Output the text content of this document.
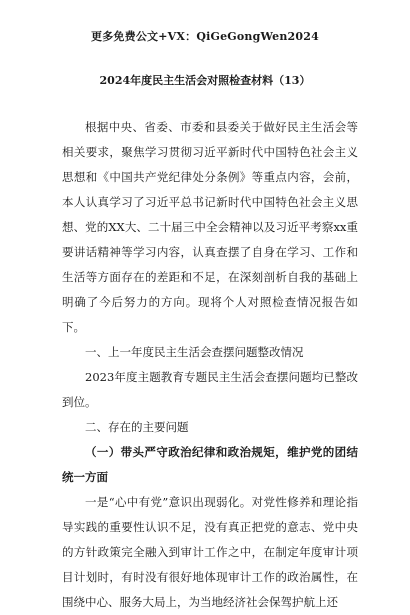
更多免费公文+VX：QiGeGongWen2024
2024年度民主生活会对照检查材料（13）

根据中央、省委、市委和县委关于做好民主生活会等相关要求，聚焦学习贯彻习近平新时代中国特色社会主义思想和《中国共产党纪律处分条例》等重点内容，会前，本人认真学习了习近平总书记新时代中国特色社会主义思想、党的XX大、二十届三中全会精神以及习近平考察xx重要讲话精神等学习内容，认真查摆了自身在学习、工作和生活等方面存在的差距和不足，在深刻剖析自我的基础上明确了今后努力的方向。现将个人对照检查情况报告如下。

一、上一年度民主生活会查摆问题整改情况

2023年度主题教育专题民主生活会查摆问题均已整改到位。

二、存在的主要问题

（一）带头严守政治纪律和政治规矩，维护党的团结统一方面

一是“心中有党”意识出现弱化。对党性修养和理论指导实践的重要性认识不足，没有真正把党的意志、党中央的方针政策完全融入到审计工作之中，在制定年度审计项目计划时，有时没有很好地体现审计工作的政治属性，在围绕中心、服务大局上，为当地经济社会保驾护航上还
